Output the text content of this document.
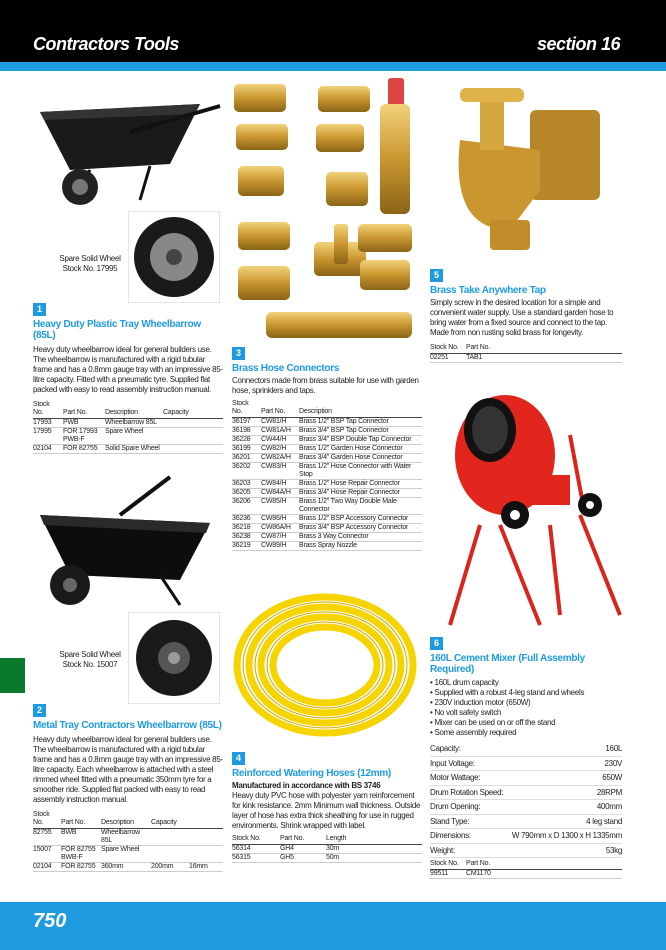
Contractors Tools	section 16
Spare Solid Wheel
Stock No. 17995
1
Heavy Duty Plastic Tray Wheelbarrow (85L)
Heavy duty wheelbarrow ideal for general builders use. The wheelbarrow is manufactured with a rigid tubular frame and has a 0.8mm gauge tray with an impressive 85-litre capacity. Fitted with a pneumatic tyre. Supplied flat packed with easy to read assembly instruction manual.
Stock No.	Part No.	Description	Capacity
17993	PWB	Wheelbarrow 85L	
17995	FOR 17993 PWB-F	Spare Wheel	
02104	FOR 82755	Solid Spare Wheel	
Spare Solid Wheel
Stock No. 15007
2
Metal Tray Contractors Wheelbarrow (85L)
Heavy duty wheelbarrow ideal for general builders use. The wheelbarrow is manufactured with a rigid tubular frame and has a 0.8mm gauge tray with an impressive 85-litre capacity. Each wheelbarrow is attached with a steel rimmed wheel fitted with a pneumatic 350mm tyre for a smoother ride. Supplied flat packed with easy to read assembly instruction manual.
Stock No.	Part No.	Description	Capacity	
82755	BWB	Wheelbarrow 85L		
15007	FOR 82755 BWB-F	Spare Wheel		
02104	FOR 82755	360mm	200mm	16mm
3
Brass Hose Connectors
Connectors made from brass suitable for use with garden hose, sprinklers and taps.
Stock No.	Part No.	Description
36197	CW81/H	Brass 1/2" BSP Tap Connector
36198	CW81A/H	Brass 3/4" BSP Tap Connector
36228	CW44/H	Brass 3/4" BSP Double Tap Connector
36199	CW82/H	Brass 1/2" Garden Hose Connector
36201	CW82A/H	Brass 3/4" Garden Hose Connector
36202	CW83/H	Brass 1/2" Hose Connector with Water Stop
36203	CW84/H	Brass 1/2" Hose Repair Connector
36205	CW84A/H	Brass 3/4" Hose Repair Connector
36206	CW85/H	Brass 1/2" Two Way Double Male Connector
36236	CW86/H	Brass 1/2" BSP Accessory Connector
36218	CW86A/H	Brass 3/4" BSP Accessory Connector
36238	CW87/H	Brass 3 Way Connector
36219	CW89/H	Brass Spray Nozzle
4
Reinforced Watering Hoses (12mm)
Manufactured in accordance with BS 3746
Heavy duty PVC hose with polyester yarn reinforcement for kink resistance. 2mm Minimum wall thickness. Outside layer of hose has extra thick sheathing for use in rugged environments. Shrink wrapped with label.
Stock No.	Part No.	Length
56314	GH4	30m
56315	GH5	50m
5
Brass Take Anywhere Tap
Simply screw in the desired location for a simple and convenient water supply. Use a standard garden hose to bring water from a fixed source and connect to the tap. Made from non rusting solid brass for longevity.
Stock No.	Part No.
02251	TAB1
6
160L Cement Mixer (Full Assembly Required)
• 160L drum capacity
• Supplied with a robust 4-leg stand and wheels
• 230V induction motor (650W)
• No volt safety switch
• Mixer can be used on or off the stand
• Some assembly required
Capacity:	160L
Input Voltage:	230V
Motor Wattage:	650W
Drum Rotation Speed:	28RPM
Drum Opening:	400mm
Stand Type:	4 leg stand
Dimensions:	W 790mm x D 1300 x H 1335mm
Weight:	53kg
Stock No.	Part No.
99511	CM1170
750
